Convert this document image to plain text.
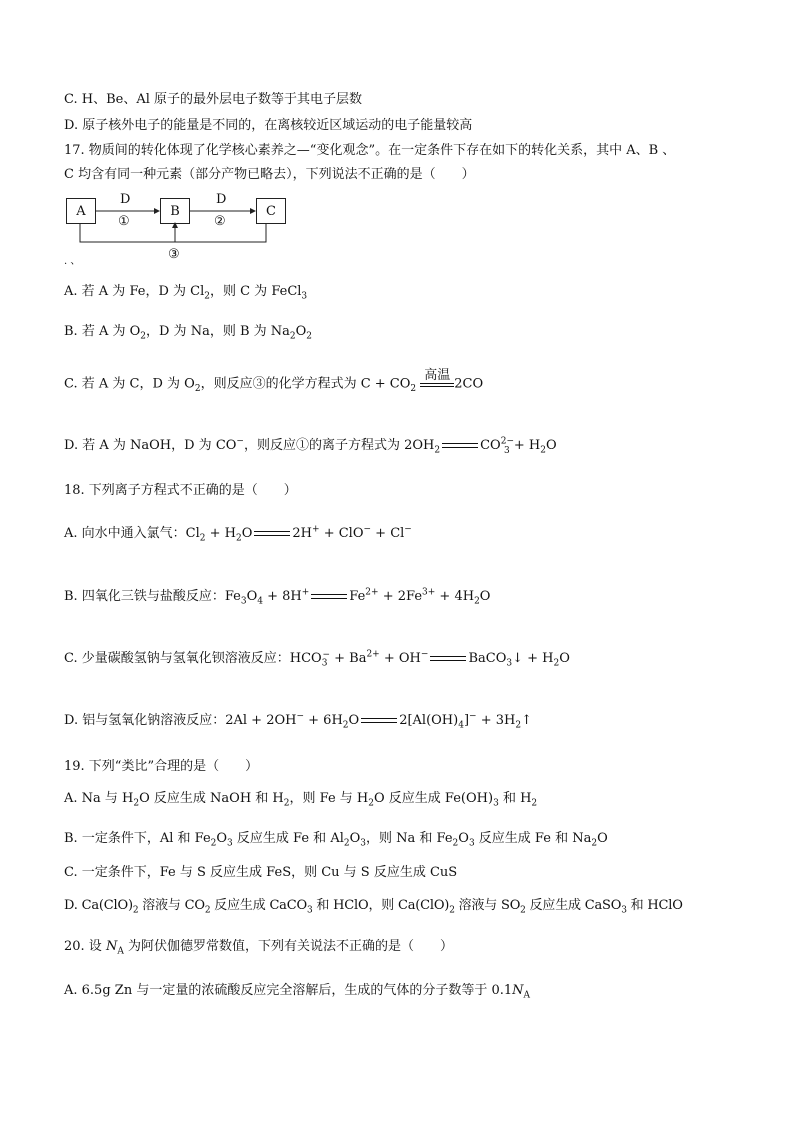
C. H、Be、Al 原子的最外层电子数等于其电子层数
D. 原子核外电子的能量是不同的，在离核较近区域运动的电子能量较高
17. 物质间的转化体现了化学核心素养之—“变化观念”。在一定条件下存在如下的转化关系，其中 A、B 、
C 均含有同一种元素（部分产物已略去），下列说法不正确的是（　　）
A	B	C
D
①
D
②
③
. 、
A. 若 A 为 Fe，D 为 $Cl_2$，则 C 为 FeCl$_3$
B. 若 A 为 $O_2$，D 为 Na，则 B 为 $Na_2O_2$
C. 若 A 为 C，D 为 $O_2$，则反应③的化学方程式为 $C + CO_2$
高温
2CO
D. 若 A 为 NaOH，D 为 CO−，则反应①的离子方程式为 $2OH_2$	$CO^{2-}_3 + H_2O$
18. 下列离子方程式不正确的是（　　）
A. 向水中通入氯气：$Cl_2 + H_2O$	2H+ + ClO− + Cl−
B. 四氧化三铁与盐酸反应：$Fe_3O_4 + 8H^+$	$Fe^{2+} + 2Fe^{3+} + 4H_2O$
C. 少量碳酸氢钠与氢氧化钡溶液反应：$HCO_3^- + Ba^{2+} + OH^-$	BaCO$_3$↓ + $H_2O$
D. 铝与氢氧化钠溶液反应：$2Al + 2OH^- + 6H_2O$	$2[Al(OH)_4]^-$ + $3H_2↑$
19. 下列“类比”合理的是（　　）
A. Na 与 $H_2O$ 反应生成 NaOH 和 $H_2$，则 Fe 与 $H_2O$ 反应生成 $Fe(OH)_3$ 和 $H_2$
B. 一定条件下，Al 和 $Fe_2O_3$ 反应生成 Fe 和 $Al_2O_3$，则 Na 和 $Fe_2O_3$ 反应生成 Fe 和 $Na_2O$
C. 一定条件下，Fe 与 S 反应生成 FeS，则 Cu 与 S 反应生成 CuS
D. $Ca(ClO)_2$ 溶液与 $CO_2$ 反应生成 CaCO$_3$ 和 HClO，则 $Ca(ClO)_2$ 溶液与 $SO_2$ 反应生成 CaSO$_3$ 和 HClO
20. 设 $N_A$ 为阿伏伽德罗常数值，下列有关说法不正确的是（　　）
A. 6.5g Zn 与一定量的浓硫酸反应完全溶解后，生成的气体的分子数等于 $0.1N_A$
